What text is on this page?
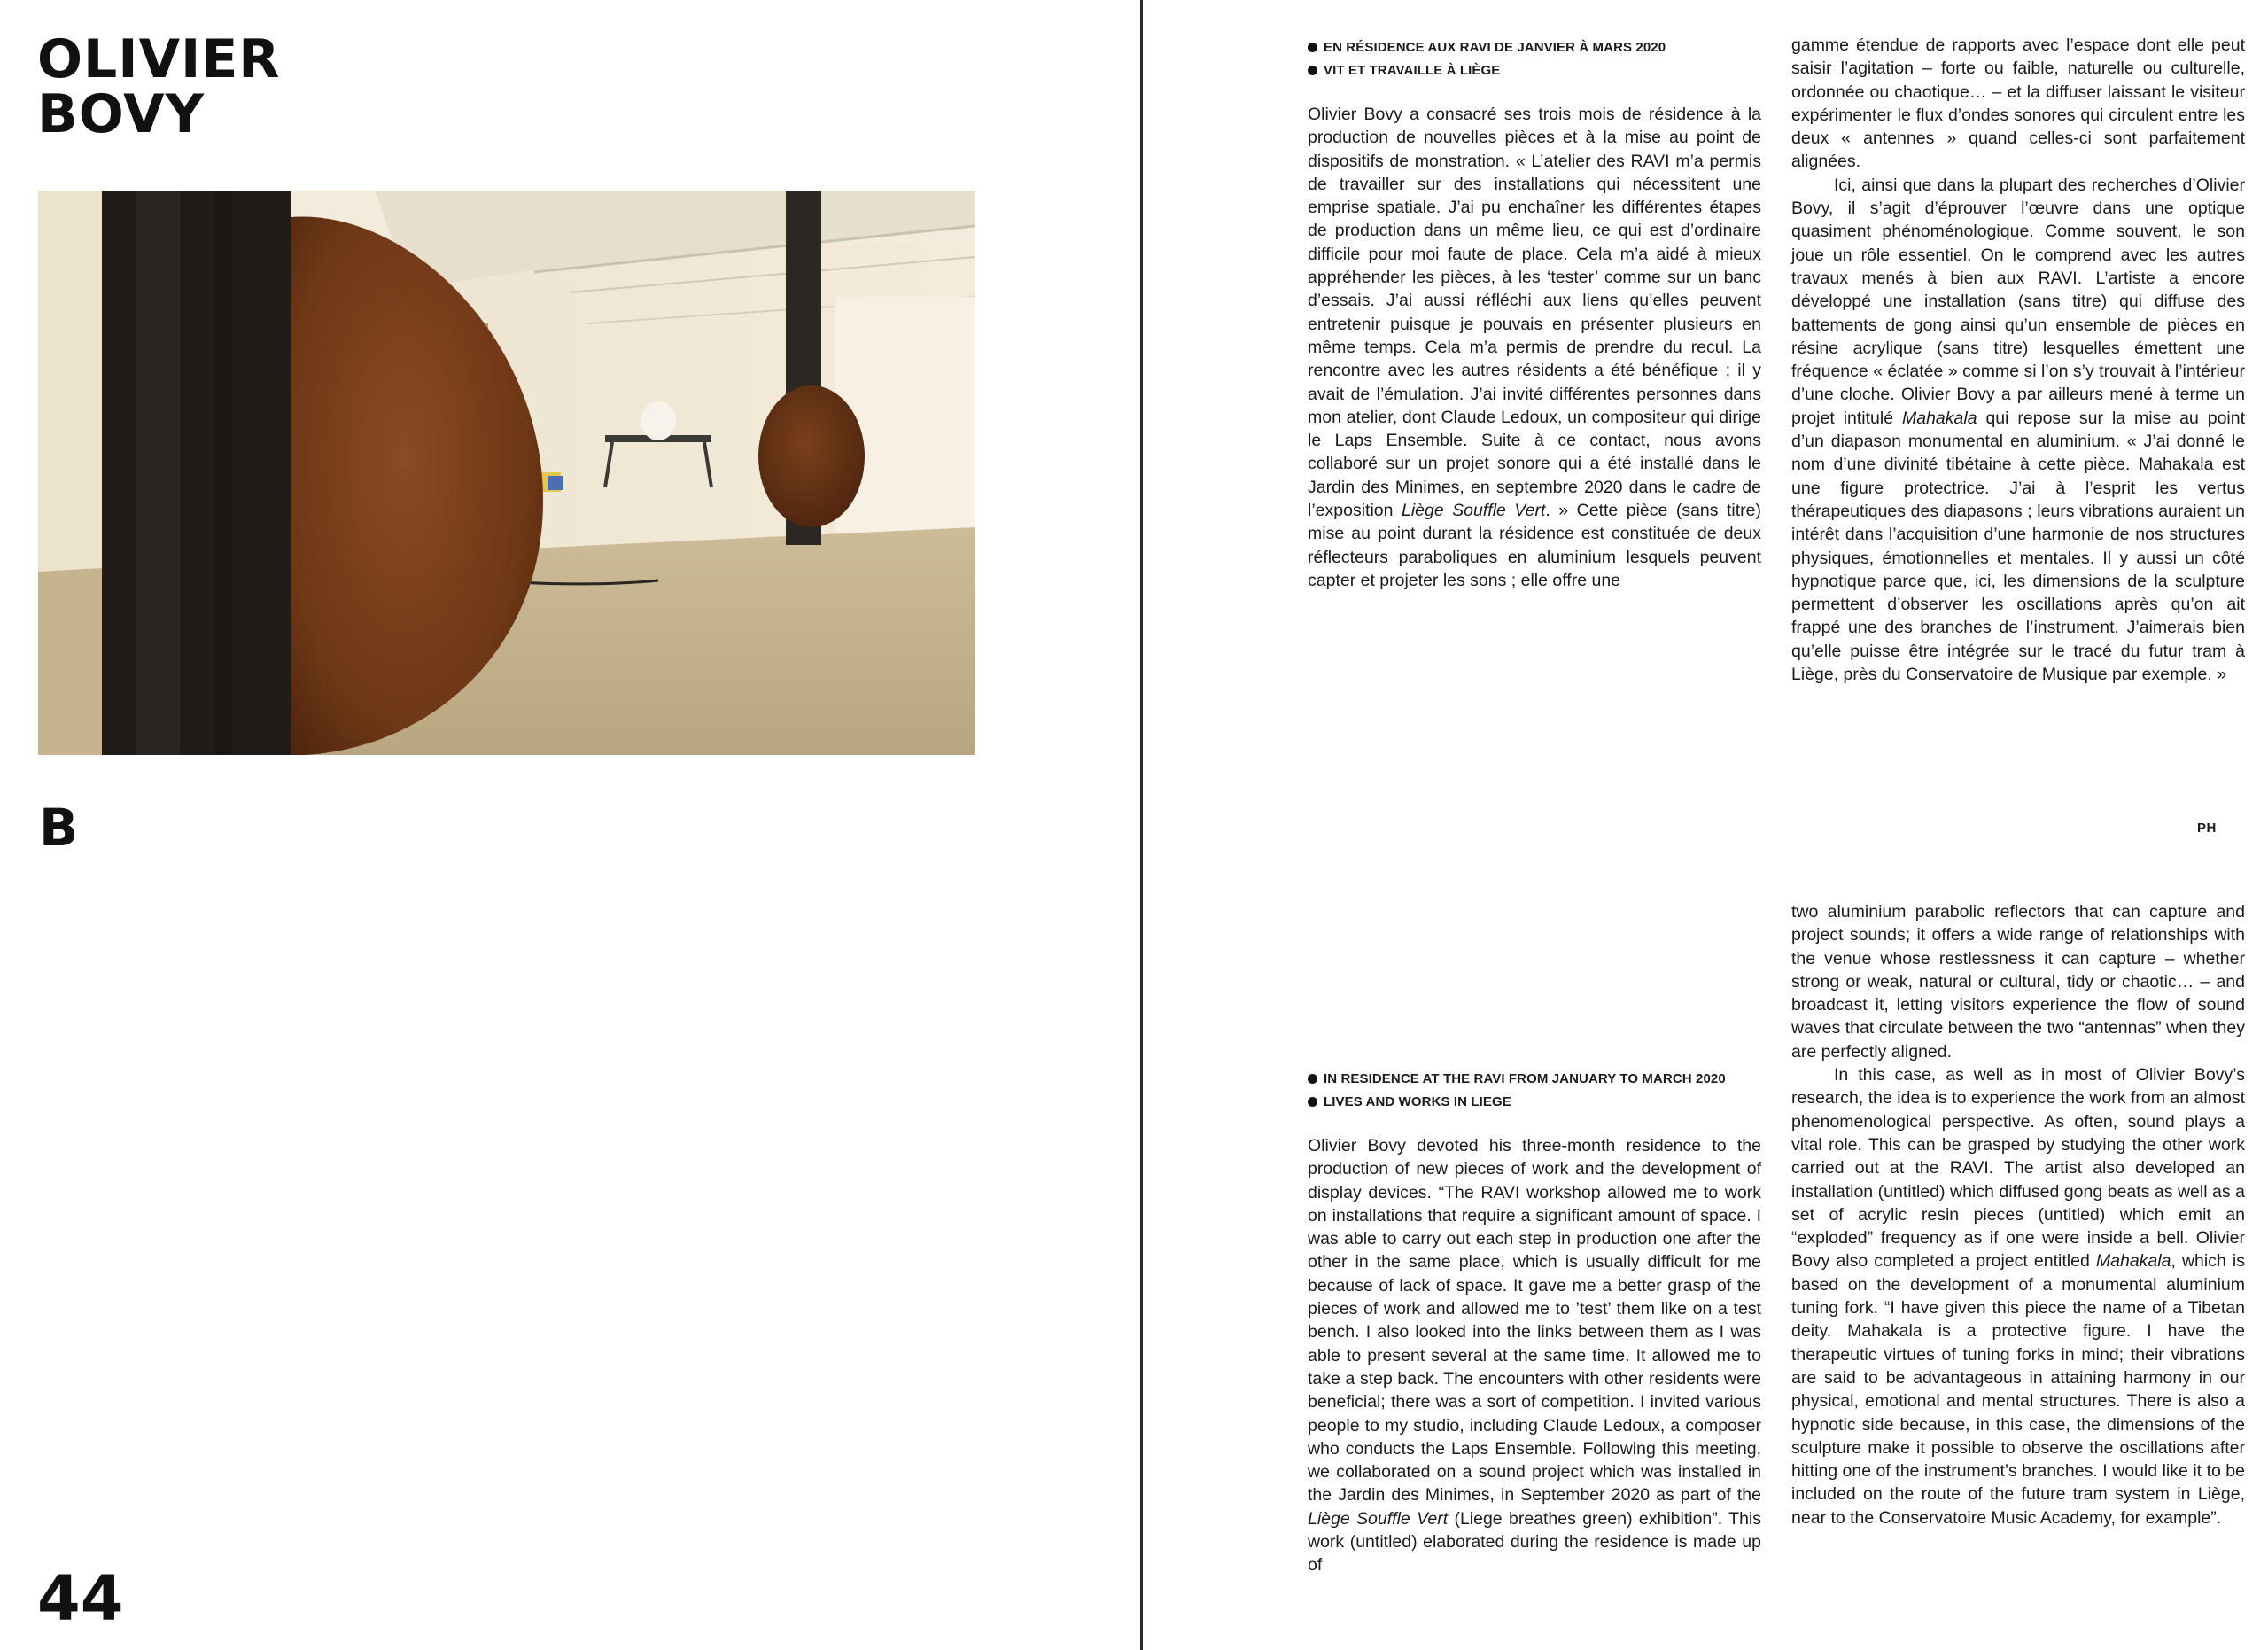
OLIVIER
BOVY
B
44
EN RÉSIDENCE AUX RAVI DE JANVIER À MARS 2020
VIT ET TRAVAILLE À LIÈGE

Olivier Bovy a consacré ses trois mois de résidence à la production de nouvelles pièces et à la mise au point de dispositifs de monstration. « L’atelier des RAVI m’a permis de travailler sur des installations qui nécessitent une emprise spatiale. J’ai pu enchaîner les différentes étapes de production dans un même lieu, ce qui est d’ordinaire difficile pour moi faute de place. Cela m’a aidé à mieux appréhender les pièces, à les ‘tester’ comme sur un banc d’essais. J’ai aussi réfléchi aux liens qu’elles peuvent entretenir puisque je pouvais en présenter plusieurs en même temps. Cela m’a permis de prendre du recul. La rencontre avec les autres résidents a été bénéfique ; il y avait de l’émulation. J’ai invité différentes personnes dans mon atelier, dont Claude Ledoux, un compositeur qui dirige le Laps Ensemble. Suite à ce contact, nous avons collaboré sur un projet sonore qui a été installé dans le Jardin des Minimes, en septembre 2020 dans le cadre de l’exposition Liège Souffle Vert. » Cette pièce (sans titre) mise au point durant la résidence est constituée de deux réflecteurs paraboliques en aluminium lesquels peuvent capter et projeter les sons ; elle offre une

gamme étendue de rapports avec l’espace dont elle peut saisir l’agitation – forte ou faible, naturelle ou culturelle, ordonnée ou chaotique… – et la diffuser laissant le visiteur expérimenter le flux d’ondes sonores qui circulent entre les deux « antennes » quand celles-ci sont parfaitement alignées.

Ici, ainsi que dans la plupart des recherches d’Olivier Bovy, il s’agit d’éprouver l’œuvre dans une optique quasiment phénoménologique. Comme souvent, le son joue un rôle essentiel. On le comprend avec les autres travaux menés à bien aux RAVI. L’artiste a encore développé une installation (sans titre) qui diffuse des battements de gong ainsi qu’un ensemble de pièces en résine acrylique (sans titre) lesquelles émettent une fréquence « éclatée » comme si l’on s’y trouvait à l’intérieur d’une cloche. Olivier Bovy a par ailleurs mené à terme un projet intitulé Mahakala qui repose sur la mise au point d’un diapason monumental en aluminium. « J’ai donné le nom d’une divinité tibétaine à cette pièce. Mahakala est une figure protectrice. J’ai à l’esprit les vertus thérapeutiques des diapasons ; leurs vibrations auraient un intérêt dans l’acquisition d’une harmonie de nos structures physiques, émotionnelles et mentales. Il y aussi un côté hypnotique parce que, ici, les dimensions de la sculpture permettent d’observer les oscillations après qu’on ait frappé une des branches de l’instrument. J’aimerais bien qu’elle puisse être intégrée sur le tracé du futur tram à Liège, près du Conservatoire de Musique par exemple. »

PH
IN RESIDENCE AT THE RAVI FROM JANUARY TO MARCH 2020
LIVES AND WORKS IN LIEGE

Olivier Bovy devoted his three-month residence to the production of new pieces of work and the development of display devices. “The RAVI workshop allowed me to work on installations that require a significant amount of space. I was able to carry out each step in production one after the other in the same place, which is usually difficult for me because of lack of space. It gave me a better grasp of the pieces of work and allowed me to ’test’ them like on a test bench. I also looked into the links between them as I was able to present several at the same time. It allowed me to take a step back. The encounters with other residents were beneficial; there was a sort of competition. I invited various people to my studio, including Claude Ledoux, a composer who conducts the Laps Ensemble. Following this meeting, we collaborated on a sound project which was installed in the Jardin des Minimes, in September 2020 as part of the Liège Souffle Vert (Liege breathes green) exhibition”. This work (untitled) elaborated during the residence is made up of

two aluminium parabolic reflectors that can capture and project sounds; it offers a wide range of relationships with the venue whose restlessness it can capture – whether strong or weak, natural or cultural, tidy or chaotic… – and broadcast it, letting visitors experience the flow of sound waves that circulate between the two “antennas” when they are perfectly aligned.

In this case, as well as in most of Olivier Bovy’s research, the idea is to experience the work from an almost phenomenological perspective. As often, sound plays a vital role. This can be grasped by studying the other work carried out at the RAVI. The artist also developed an installation (untitled) which diffused gong beats as well as a set of acrylic resin pieces (untitled) which emit an “exploded” frequency as if one were inside a bell. Olivier Bovy also completed a project entitled Mahakala, which is based on the development of a monumental aluminium tuning fork. “I have given this piece the name of a Tibetan deity. Mahakala is a protective figure. I have the therapeutic virtues of tuning forks in mind; their vibrations are said to be advantageous in attaining harmony in our physical, emotional and mental structures. There is also a hypnotic side because, in this case, the dimensions of the sculpture make it possible to observe the oscillations after hitting one of the instrument’s branches. I would like it to be included on the route of the future tram system in Liège, near to the Conservatoire Music Academy, for example”.
